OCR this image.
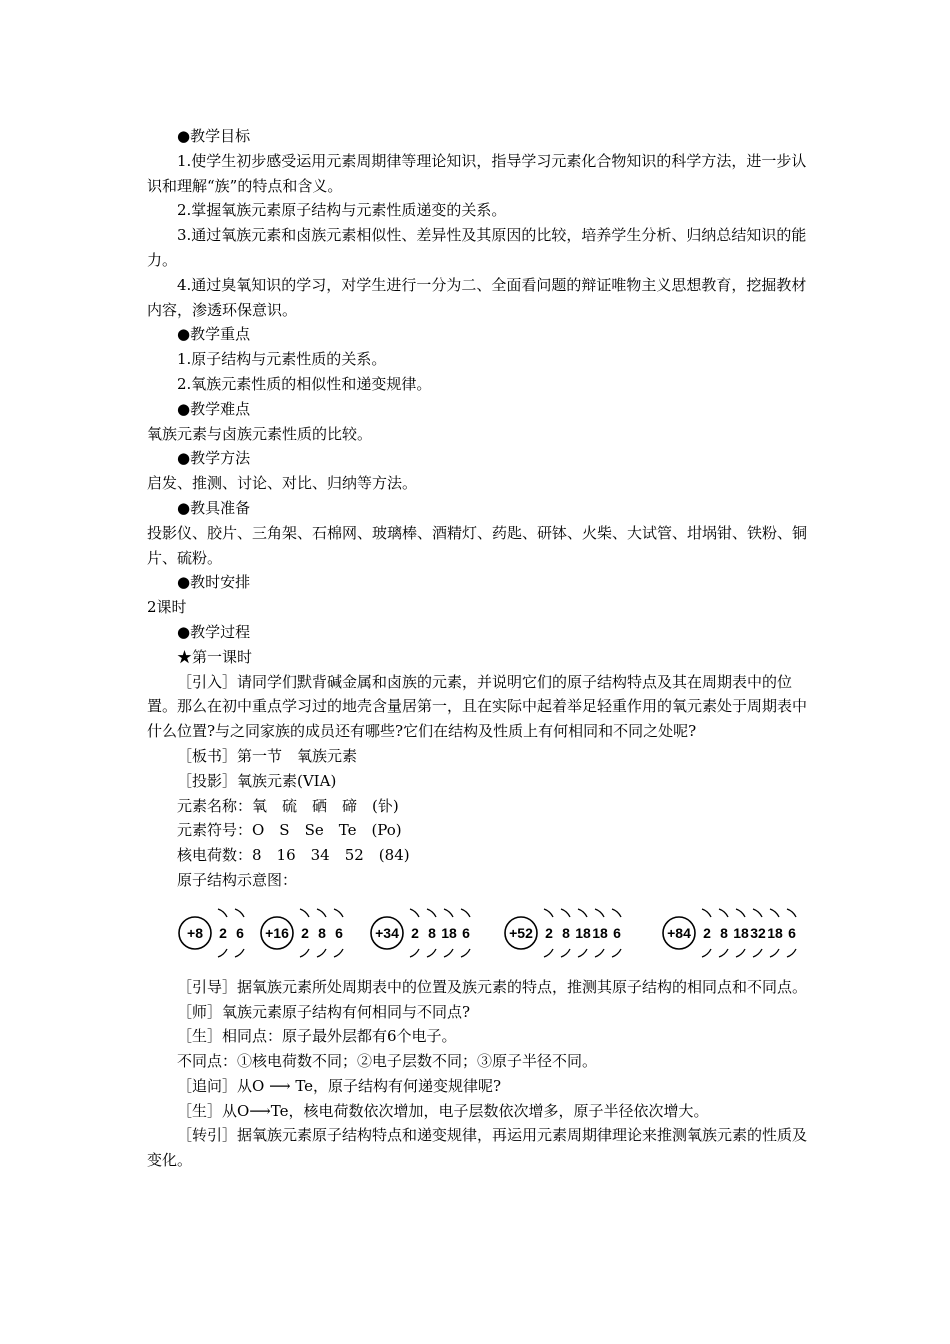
●教学目标

1.使学生初步感受运用元素周期律等理论知识，指导学习元素化合物知识的科学方法，进一步认识和理解“族”的特点和含义。

2.掌握氧族元素原子结构与元素性质递变的关系。

3.通过氧族元素和卤族元素相似性、差异性及其原因的比较，培养学生分析、归纳总结知识的能力。

4.通过臭氧知识的学习，对学生进行一分为二、全面看问题的辩证唯物主义思想教育，挖掘教材内容，渗透环保意识。

●教学重点

1.原子结构与元素性质的关系。

2.氧族元素性质的相似性和递变规律。

●教学难点

氧族元素与卤族元素性质的比较。

●教学方法

启发、推测、讨论、对比、归纳等方法。

●教具准备

投影仪、胶片、三角架、石棉网、玻璃棒、酒精灯、药匙、研钵、火柴、大试管、坩埚钳、铁粉、铜片、硫粉。

●教时安排

2课时

●教学过程

★第一课时

［引入］请同学们默背碱金属和卤族的元素，并说明它们的原子结构特点及其在周期表中的位置。那么在初中重点学习过的地壳含量居第一，且在实际中起着举足轻重作用的氧元素处于周期表中什么位置?与之同家族的成员还有哪些?它们在结构及性质上有何相同和不同之处呢?

［板书］第一节　氧族元素

［投影］氧族元素(VIA)

元素名称：氧　硫　硒　碲　(钋)

元素符号：O　S　Se　Te　(Po)

核电荷数：8　16　34　52　(84)

原子结构示意图：

+8 2 6 +16 2 8 6 +34 2 8 18 6	+52 2 8 18 18 6	+84 2 8 18 32 18 6

［引导］据氧族元素所处周期表中的位置及族元素的特点，推测其原子结构的相同点和不同点。

［师］氧族元素原子结构有何相同与不同点?

［生］相同点：原子最外层都有6个电子。

不同点：①核电荷数不同；②电子层数不同；③原子半径不同。

［追问］从O ⟶ Te，原子结构有何递变规律呢?

［生］从O⟶Te，核电荷数依次增加，电子层数依次增多，原子半径依次增大。

［转引］据氧族元素原子结构特点和递变规律，再运用元素周期律理论来推测氧族元素的性质及变化。
